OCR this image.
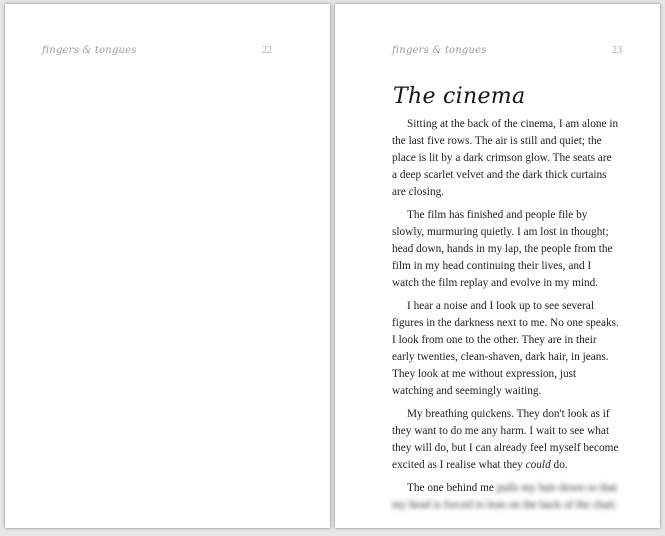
fingers & tongues	22	fingers & tongues	23
The cinema

Sitting at the back of the cinema, I am alone in the last five rows. The air is still and quiet; the place is lit by a dark crimson glow. The seats are a deep scarlet velvet and the dark thick curtains are closing.

The film has finished and people file by slowly, murmuring quietly. I am lost in thought; head down, hands in my lap, the people from the film in my head continuing their lives, and I watch the film replay and evolve in my mind.

I hear a noise and I look up to see several figures in the darkness next to me. No one speaks. I look from one to the other. They are in their early twenties, clean-shaven, dark hair, in jeans. They look at me without expression, just watching and seemingly waiting.

My breathing quickens. They don't look as if they want to do me any harm. I wait to see what they will do, but I can already feel myself become excited as I realise what they could do.

The one behind me pulls my hair down so that my head is forced to lean on the back of the chair.
